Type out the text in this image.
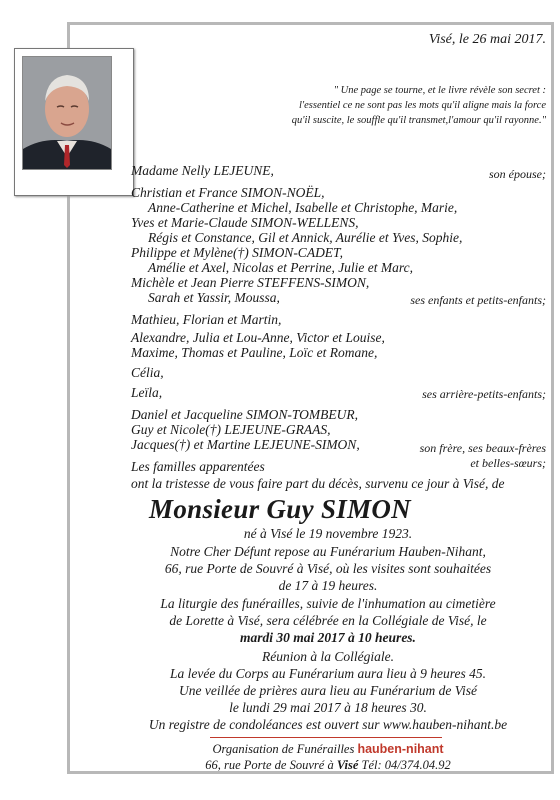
Visé, le 26 mai 2017.
" Une page se tourne, et le livre révèle son secret :
l'essentiel ce ne sont pas les mots qu'il aligne mais la force
qu'il suscite, le souffle qu'il transmet,l'amour qu'il rayonne."
Madame Nelly LEJEUNE,
Christian et France SIMON-NOËL,
Anne-Catherine et Michel, Isabelle et Christophe, Marie,
Yves et Marie-Claude SIMON-WELLENS,
Régis et Constance, Gil et Annick, Aurélie et Yves, Sophie,
Philippe et Mylène(†) SIMON-CADET,
Amélie et Axel, Nicolas et Perrine, Julie et Marc,
Michèle et Jean Pierre STEFFENS-SIMON,
Sarah et Yassir, Moussa,
Mathieu, Florian et Martin,
Alexandre, Julia et Lou-Anne, Victor et Louise,
Maxime, Thomas et Pauline, Loïc et Romane,
Célia,
Leïla,
Daniel et Jacqueline SIMON-TOMBEUR,
Guy et Nicole(†) LEJEUNE-GRAAS,
Jacques(†) et Martine LEJEUNE-SIMON,
Les familles apparentées
ont la tristesse de vous faire part du décès, survenu ce jour à Visé, de
son épouse;
ses enfants et petits-enfants;
ses arrière-petits-enfants;
son frère, ses beaux-frères
et belles-sœurs;
Monsieur Guy SIMON
né à Visé le 19 novembre 1923.
Notre Cher Défunt repose au Funérarium Hauben-Nihant,
66, rue Porte de Souvré à Visé, où les visites sont souhaitées
de 17 à 19 heures.
La liturgie des funérailles, suivie de l'inhumation au cimetière
de Lorette à Visé, sera célébrée en la Collégiale de Visé, le
mardi 30 mai 2017 à 10 heures.
Réunion à la Collégiale.
La levée du Corps au Funérarium aura lieu à 9 heures 45.
Une veillée de prières aura lieu au Funérarium de Visé
le lundi 29 mai 2017 à 18 heures 30.
Un registre de condoléances est ouvert sur www.hauben-nihant.be
Organisation de Funérailles hauben-nihant
66, rue Porte de Souvré à Visé Tél: 04/374.04.92
